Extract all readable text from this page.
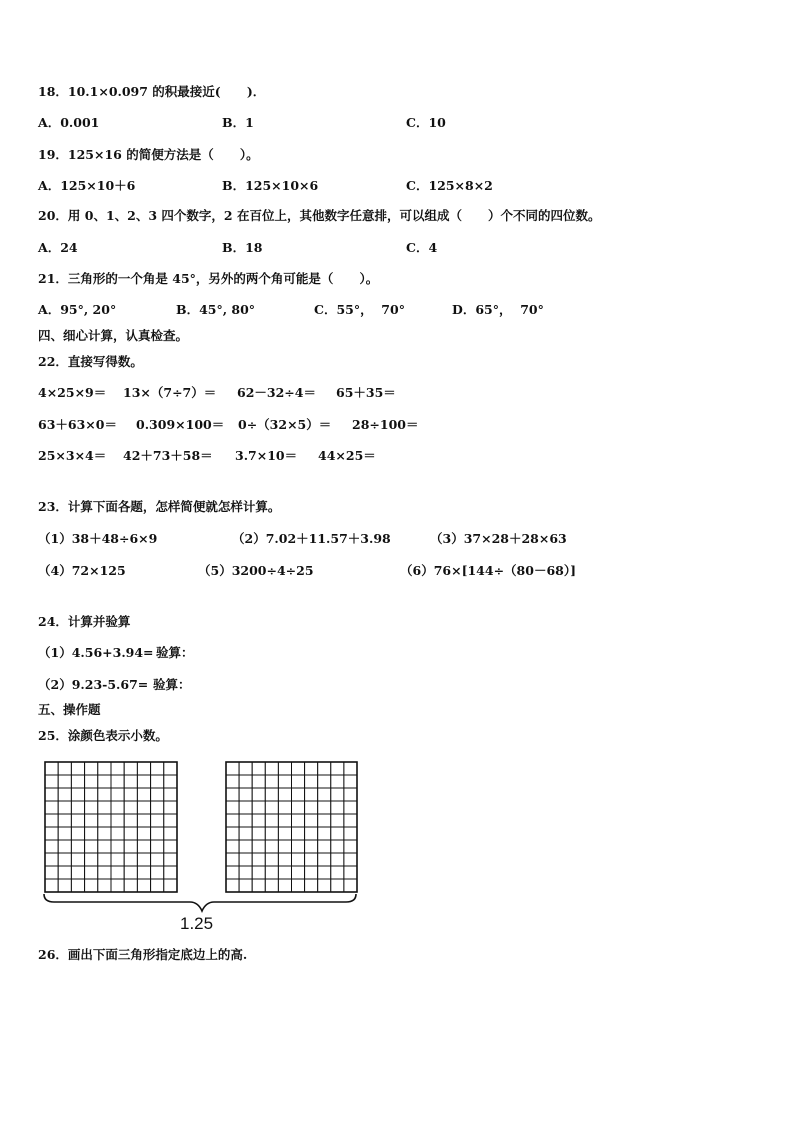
18．10.1×0.097 的积最接近(      )．
A．0.001	B．1	C．10
19．125×16 的简便方法是（      ）。
A．125×10＋6	B．125×10×6	C．125×8×2
20．用 0、1、2、3 四个数字，2 在百位上，其他数字任意排，可以组成（      ）个不同的四位数。
A．24	B．18	C．4
21．三角形的一个角是 45°，另外的两个角可能是（      ）。
A．95°, 20°	B．45°, 80°	C．55°，  70°	D．65°，  70°
四、细心计算，认真检查。
22．直接写得数。
4×25×9＝ 13×（7÷7）＝ 62－32÷4＝ 65＋35＝
63＋63×0＝ 0.309×100＝ 0÷（32×5）＝ 28÷100＝
25×3×4＝ 42＋73＋58＝ 3.7×10＝ 44×25＝
23．计算下面各题，怎样简便就怎样计算。
（1）38＋48÷6×9	（2）7.02＋11.57＋3.98	（3）37×28＋28×63
（4）72×125	（5）3200÷4÷25	（6）76×[144÷（80－68）]
24．计算并验算
（1）4.56+3.94= 验算：
（2）9.23-5.67= 验算：
五、操作题
25．涂颜色表示小数。
1.25
26．画出下面三角形指定底边上的高.
